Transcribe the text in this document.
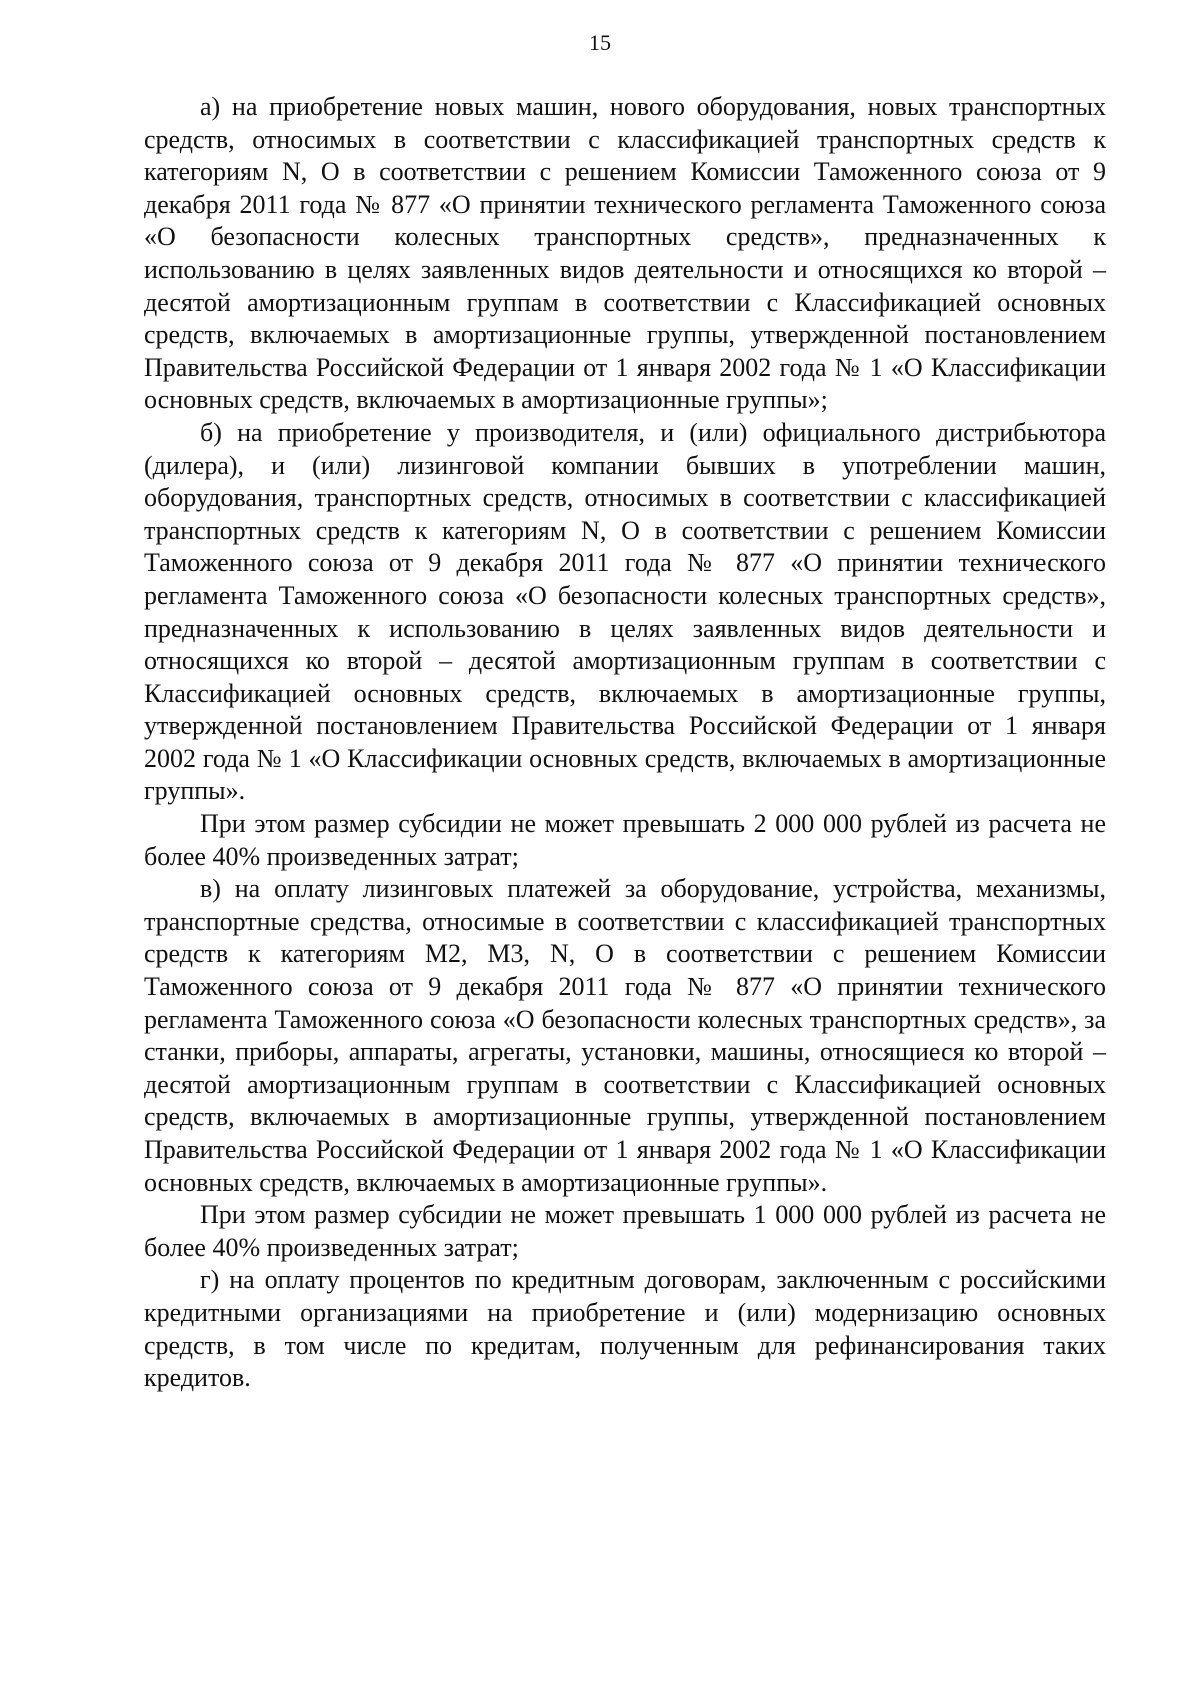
15

а) на приобретение новых машин, нового оборудования, новых транспортных средств, относимых в соответствии с классификацией транспортных средств к категориям N, O в соответствии с решением Комиссии Таможенного союза от 9 декабря 2011 года № 877 «О принятии технического регламента Таможенного союза «О безопасности колесных транспортных средств», предназначенных к использованию в целях заявленных видов деятельности и относящихся ко второй – десятой амортизационным группам в соответствии с Классификацией основных средств, включаемых в амортизационные группы, утвержденной постановлением Правительства Российской Федерации от 1 января 2002 года № 1 «О Классификации основных средств, включаемых в амортизационные группы»;

б) на приобретение у производителя, и (или) официального дистрибьютора (дилера), и (или) лизинговой компании бывших в употреблении машин, оборудования, транспортных средств, относимых в соответствии с классификацией транспортных средств к категориям N, O в соответствии с решением Комиссии Таможенного союза от 9 декабря 2011 года № 877 «О принятии технического регламента Таможенного союза «О безопасности колесных транспортных средств», предназначенных к использованию в целях заявленных видов деятельности и относящихся ко второй – десятой амортизационным группам в соответствии с Классификацией основных средств, включаемых в амортизационные группы, утвержденной постановлением Правительства Российской Федерации от 1 января 2002 года № 1 «О Классификации основных средств, включаемых в амортизационные группы».

При этом размер субсидии не может превышать 2 000 000 рублей из расчета не более 40% произведенных затрат;

в) на оплату лизинговых платежей за оборудование, устройства, механизмы, транспортные средства, относимые в соответствии с классификацией транспортных средств к категориям M2, M3, N, O в соответствии с решением Комиссии Таможенного союза от 9 декабря 2011 года № 877 «О принятии технического регламента Таможенного союза «О безопасности колесных транспортных средств», за станки, приборы, аппараты, агрегаты, установки, машины, относящиеся ко второй – десятой амортизационным группам в соответствии с Классификацией основных средств, включаемых в амортизационные группы, утвержденной постановлением Правительства Российской Федерации от 1 января 2002 года № 1 «О Классификации основных средств, включаемых в амортизационные группы».

При этом размер субсидии не может превышать 1 000 000 рублей из расчета не более 40% произведенных затрат;

г) на оплату процентов по кредитным договорам, заключенным с российскими кредитными организациями на приобретение и (или) модернизацию основных средств, в том числе по кредитам, полученным для рефинансирования таких кредитов.
